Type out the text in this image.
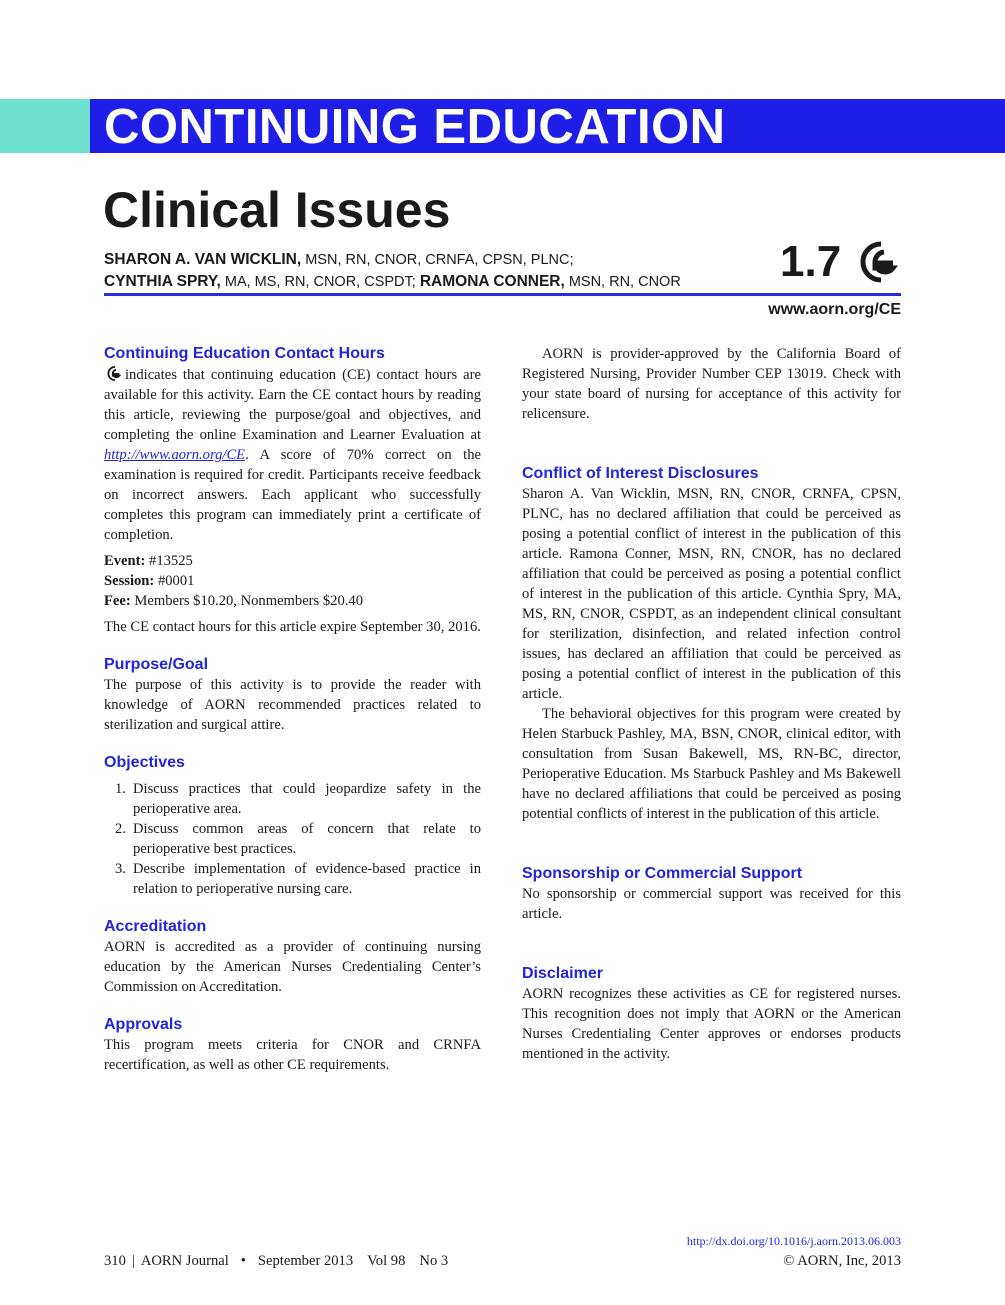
CONTINUING EDUCATION
Clinical Issues
SHARON A. VAN WICKLIN, MSN, RN, CNOR, CRNFA, CPSN, PLNC;
CYNTHIA SPRY, MA, MS, RN, CNOR, CSPDT; RAMONA CONNER, MSN, RN, CNOR	1.7
www.aorn.org/CE
Continuing Education Contact Hours

indicates that continuing education (CE) contact hours are available for this activity. Earn the CE contact hours by reading this article, reviewing the purpose/goal and objectives, and completing the online Examination and Learner Evaluation at http://www.aorn.org/CE. A score of 70% correct on the examination is required for credit. Participants receive feedback on incorrect answers. Each applicant who successfully completes this program can immediately print a certificate of completion.

Event: #13525
Session: #0001
Fee: Members $10.20, Nonmembers $20.40

The CE contact hours for this article expire September 30, 2016.

Purpose/Goal

The purpose of this activity is to provide the reader with knowledge of AORN recommended practices related to sterilization and surgical attire.

Objectives
1. Discuss practices that could jeopardize safety in the perioperative area.
2. Discuss common areas of concern that relate to perioperative best practices.
3. Describe implementation of evidence-based practice in relation to perioperative nursing care.
Accreditation

AORN is accredited as a provider of continuing nursing education by the American Nurses Credentialing Center’s Commission on Accreditation.

Approvals

This program meets criteria for CNOR and CRNFA recertification, as well as other CE requirements.

AORN is provider-approved by the California Board of Registered Nursing, Provider Number CEP 13019. Check with your state board of nursing for acceptance of this activity for relicensure.

Conflict of Interest Disclosures

Sharon A. Van Wicklin, MSN, RN, CNOR, CRNFA, CPSN, PLNC, has no declared affiliation that could be perceived as posing a potential conflict of interest in the publication of this article. Ramona Conner, MSN, RN, CNOR, has no declared affiliation that could be perceived as posing a potential conflict of interest in the publication of this article. Cynthia Spry, MA, MS, RN, CNOR, CSPDT, as an independent clinical consultant for sterilization, disinfection, and related infection control issues, has declared an affiliation that could be perceived as posing a potential conflict of interest in the publication of this article.

The behavioral objectives for this program were created by Helen Starbuck Pashley, MA, BSN, CNOR, clinical editor, with consultation from Susan Bakewell, MS, RN-BC, director, Perioperative Education. Ms Starbuck Pashley and Ms Bakewell have no declared affiliations that could be perceived as posing potential conflicts of interest in the publication of this article.

Sponsorship or Commercial Support

No sponsorship or commercial support was received for this article.

Disclaimer

AORN recognizes these activities as CE for registered nurses. This recognition does not imply that AORN or the American Nurses Credentialing Center approves or endorses products mentioned in the activity.

http://dx.doi.org/10.1016/j.aorn.2013.06.003
310 | AORN Journal • September 2013 Vol 98 No 3	© AORN, Inc, 2013
